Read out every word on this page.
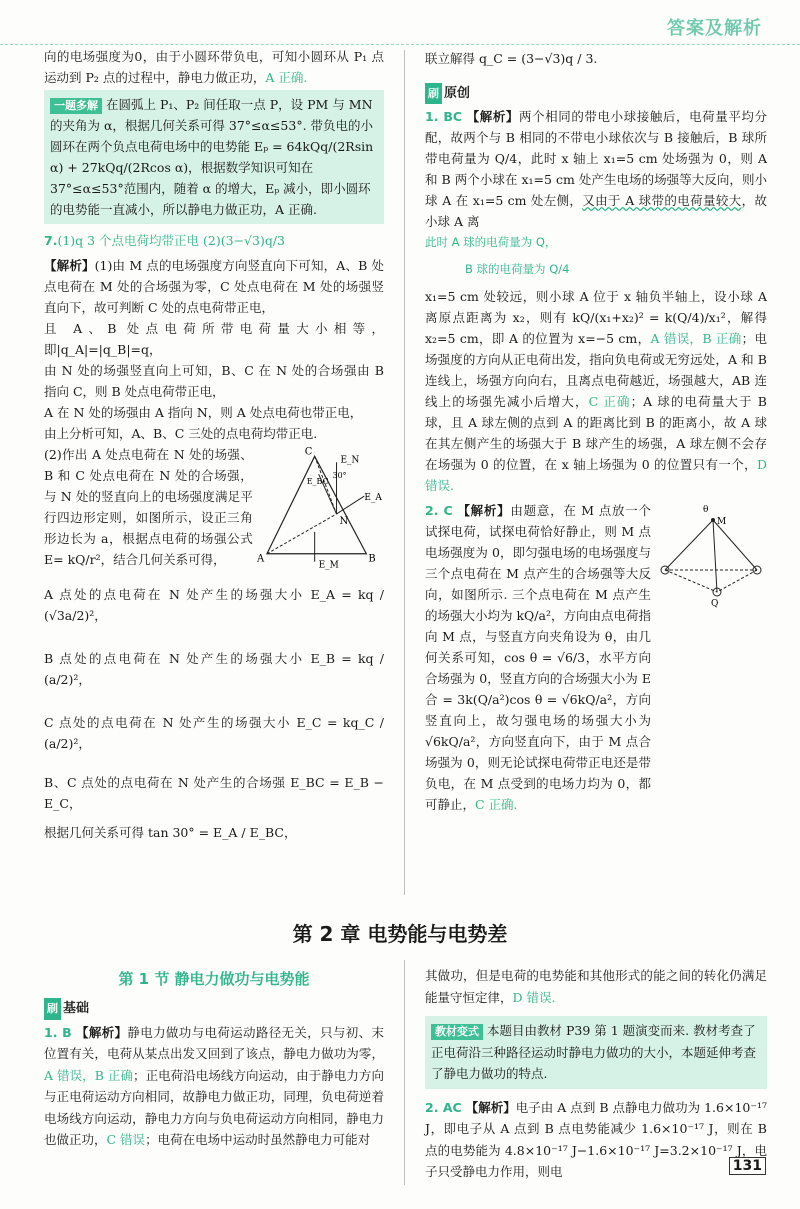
答案及解析

向的电场强度为0，由于小圆环带负电，可知小圆环从 P₁ 点运动到 P₂ 点的过程中，静电力做正功，A 正确.

一题多解 在圆弧上 P₁、P₂ 间任取一点 P，设 PM 与 MN 的夹角为 α，根据几何关系可得 37°≤α≤53°. 带负电的小圆环在两个负点电荷电场中的电势能 Eₚ = 64kQq/(2Rsin α) + 27kQq/(2Rcos α)，根据数学知识可知在 37°≤α≤53°范围内，随着 α 的增大，Eₚ 减小，即小圆环的电势能一直减小，所以静电力做正功，A 正确.

7.(1)q 3 个点电荷均带正电 (2)(3−√3)q/3

【解析】(1)由 M 点的电场强度方向竖直向下可知，A、B 处点电荷在 M 处的合场强为零，C 处点电荷在 M 处的场强竖直向下，故可判断 C 处的点电荷带正电，

且 A、B 处点电荷所带电荷量大小相等，即|q_A|=|q_B|=q，

由 N 处的场强竖直向上可知，B、C 在 N 处的合场强由 B 指向 C，则 B 处点电荷带正电，

A 在 N 处的场强由 A 指向 N，则 A 处点电荷也带正电，

由上分析可知，A、B、C 三处的点电荷均带正电.

(2)作出 A 处点电荷在 N 处的场强、B 和 C 处点电荷在 N 处的合场强，与 N 处的竖直向上的电场强度满足平行四边形定则，如图所示，设正三角形边长为 a，根据点电荷的场强公式 E= kQ/r²，结合几何关系可得，

C
A	B
N
E_N
E_A
E_M
E_BC
30°

A 点处的点电荷在 N 处产生的场强大小 E_A = kq / (√3a/2)²，

B 点处的点电荷在 N 处产生的场强大小 E_B = kq / (a/2)²，

C 点处的点电荷在 N 处产生的场强大小 E_C = kq_C / (a/2)²，

B、C 点处的点电荷在 N 处产生的合场强 E_BC = E_B − E_C，

根据几何关系可得 tan 30° = E_A / E_BC，

联立解得 q_C = (3−√3)q / 3.

刷 原创

1. BC 【解析】两个相同的带电小球接触后，电荷量平均分配，故两个与 B 相同的不带电小球依次与 B 接触后，B 球所带电荷量为 Q/4，此时 x 轴上 x₁=5 cm 处场强为 0，则 A 和 B 两个小球在 x₁=5 cm 处产生电场的场强等大反向，则小球 A 在 x₁=5 cm 处左侧，又由于 A 球带的电荷量较大，故小球 A 离

此时 A 球的电荷量为 Q，

B 球的电荷量为 Q/4

x₁=5 cm 处较远，则小球 A 位于 x 轴负半轴上，设小球 A 离原点距离为 x₂，则有 kQ/(x₁+x₂)² = k(Q/4)/x₁²，解得 x₂=5 cm，即 A 的位置为 x=−5 cm，A 错误，B 正确；电场强度的方向从正电荷出发，指向负电荷或无穷远处，A 和 B 连线上，场强方向向右，且离点电荷越近，场强越大，AB 连线上的场强先减小后增大，C 正确；A 球的电荷量大于 B 球，且 A 球左侧的点到 A 的距离比到 B 的距离小，故 A 球在其左侧产生的场强大于 B 球产生的场强，A 球左侧不会存在场强为 0 的位置，在 x 轴上场强为 0 的位置只有一个，D 错误.

2. C 【解析】由题意，在 M 点放一个试探电荷，试探电荷恰好静止，则 M 点电场强度为 0，即匀强电场的电场强度与三个点电荷在 M 点产生的合场强等大反向，如图所示. 三个点电荷在 M 点产生的场强大小均为 kQ/a²，方向由点电荷指向 M 点，与竖直方向夹角设为 θ，由几何关系可知，cos θ = √6/3，水平方向合场强为 0，竖直方向的合场强大小为 E合 = 3k(Q/a²)cos θ = √6kQ/a²，方向竖直向上，故匀强电场的场强大小为 √6kQ/a²，方向竖直向下，由于 M 点合场强为 0，则无论试探电荷带正电还是带负电，在 M 点受到的电场力均为 0，都可静止，C 正确.

M
Q
θ
第 2 章 电势能与电势差
第 1 节 静电力做功与电势能
刷 基础

1. B 【解析】静电力做功与电荷运动路径无关，只与初、末位置有关，电荷从某点出发又回到了该点，静电力做功为零，A 错误，B 正确；正电荷沿电场线方向运动，由于静电力方向与正电荷运动方向相同，故静电力做正功，同理，负电荷逆着电场线方向运动，静电力方向与负电荷运动方向相同，静电力也做正功，C 错误；电荷在电场中运动时虽然静电力可能对

其做功，但是电荷的电势能和其他形式的能之间的转化仍满足能量守恒定律，D 错误.

教材变式 本题目由教材 P39 第 1 题演变而来. 教材考查了正电荷沿三种路径运动时静电力做功的大小，本题延伸考查了静电力做功的特点.

2. AC 【解析】电子由 A 点到 B 点静电力做功为 1.6×10⁻¹⁷ J，即电子从 A 点到 B 点电势能减少 1.6×10⁻¹⁷ J，则在 B 点的电势能为 4.8×10⁻¹⁷ J−1.6×10⁻¹⁷ J=3.2×10⁻¹⁷ J，电子只受静电力作用，则电	131
